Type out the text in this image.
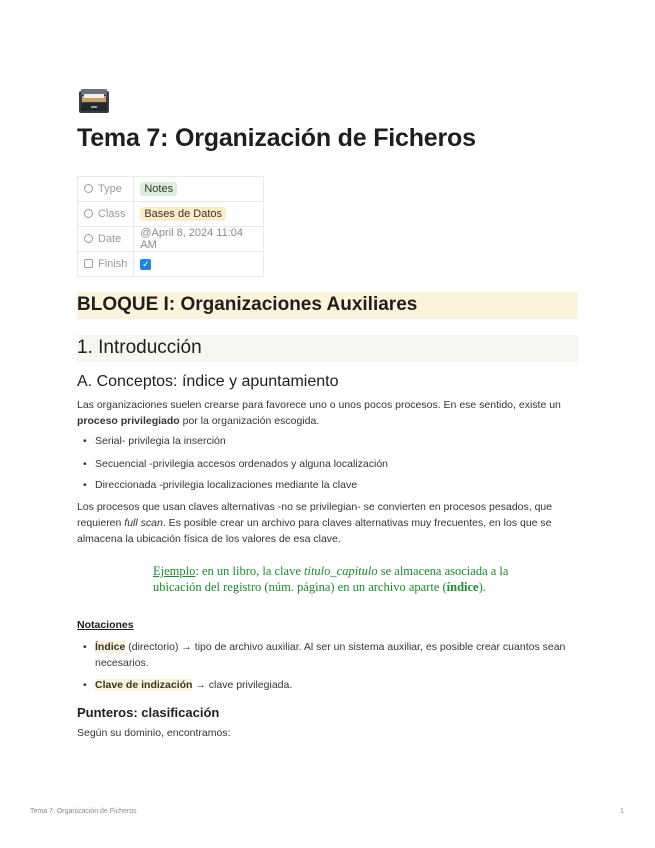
Tema 7: Organización de Ficheros
Type	Notes
Class	Bases de Datos
Date	@April 8, 2024 11:04 AM
Finish	✓
BLOQUE I: Organizaciones Auxiliares
1. Introducción
A. Conceptos: índice y apuntamiento

Las organizaciones suelen crearse para favorece uno o unos pocos procesos. En ese sentido, existe un proceso privilegiado por la organización escogida.

• Serial- privilegia la inserción

• Secuencial -privilegia accesos ordenados y alguna localización

• Direccionada -privilegia localizaciones mediante la clave

Los procesos que usan claves alternativas -no se privilegian- se convierten en procesos pesados, que requieren full scan. Es posible crear un archivo para claves alternativas muy frecuentes, en los que se almacena la ubicación física de los valores de esa clave.

Ejemplo: en un libro, la clave titulo_capitulo se almacena asociada a la ubicación del registro (núm. página) en un archivo aparte (índice).

Notaciones

• Índice (directorio) → tipo de archivo auxiliar. Al ser un sistema auxiliar, es posible crear cuantos sean necesarios.

• Clave de indización → clave privilegiada.

Punteros: clasificación

Según su dominio, encontramos:

Tema 7: Organización de Ficheros	1
